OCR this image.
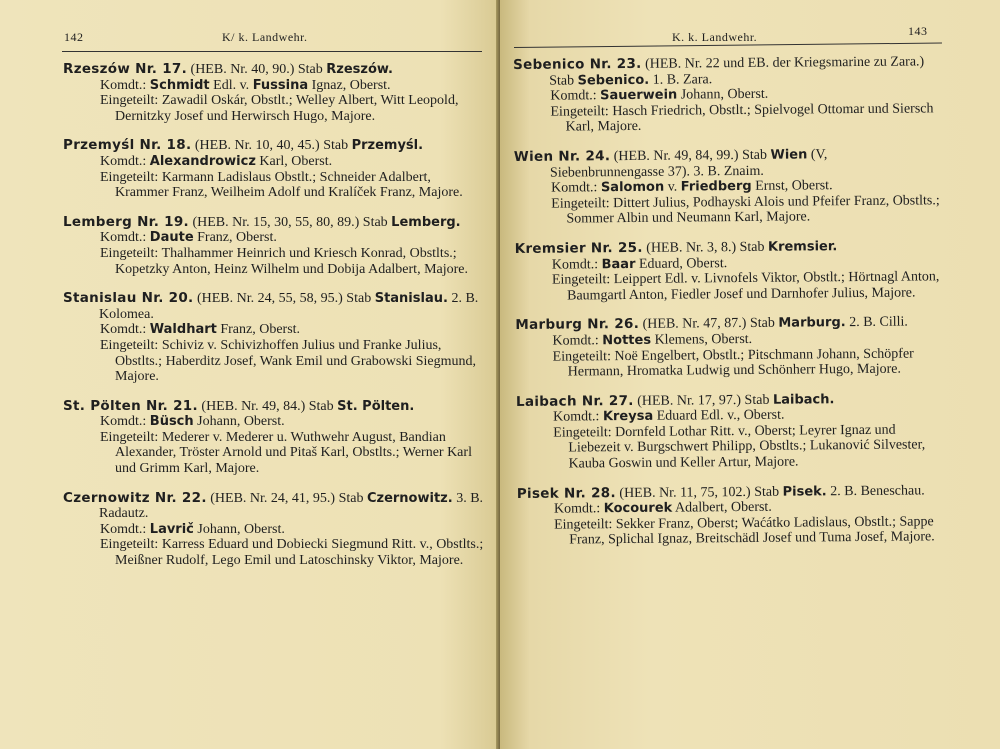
142	K/ k. Landwehr.
Rzeszów Nr. 17. (HEB. Nr. 40, 90.) Stab Rzeszów.
Komdt.: Schmidt Edl. v. Fussina Ignaz, Oberst.
Eingeteilt: Zawadil Oskár, Obstlt.; Welley Albert, Witt Leopold, Dernitzky Josef und Herwirsch Hugo, Majore.
Przemyśl Nr. 18. (HEB. Nr. 10, 40, 45.) Stab Przemyśl.
Komdt.: Alexandrowicz Karl, Oberst.
Eingeteilt: Karmann Ladislaus Obstlt.; Schneider Adalbert, Krammer Franz, Weilheim Adolf und Kralíček Franz, Majore.
Lemberg Nr. 19. (HEB. Nr. 15, 30, 55, 80, 89.) Stab Lemberg.
Komdt.: Daute Franz, Oberst.
Eingeteilt: Thalhammer Heinrich und Kriesch Konrad, Obstlts.; Kopetzky Anton, Heinz Wilhelm und Dobija Adalbert, Majore.
Stanislau Nr. 20. (HEB. Nr. 24, 55, 58, 95.) Stab Stanislau. 2. B. Kolomea.
Komdt.: Waldhart Franz, Oberst.
Eingeteilt: Schiviz v. Schivizhoffen Julius und Franke Julius, Obstlts.; Haberditz Josef, Wank Emil und Grabowski Siegmund, Majore.
St. Pölten Nr. 21. (HEB. Nr. 49, 84.) Stab St. Pölten.
Komdt.: Büsch Johann, Oberst.
Eingeteilt: Mederer v. Mederer u. Wuthwehr August, Bandian Alexander, Tröster Arnold und Pitaš Karl, Obstlts.; Werner Karl und Grimm Karl, Majore.
Czernowitz Nr. 22. (HEB. Nr. 24, 41, 95.) Stab Czernowitz. 3. B. Radautz.
Komdt.: Lavrič Johann, Oberst.
Eingeteilt: Karress Eduard und Dobiecki Siegmund Ritt. v., Obstlts.; Meißner Rudolf, Lego Emil und Latoschinsky Viktor, Majore.
K. k. Landwehr.	143
Sebenico Nr. 23. (HEB. Nr. 22 und EB. der Kriegsmarine zu Zara.) Stab Sebenico. 1. B. Zara.
Komdt.: Sauerwein Johann, Oberst.
Eingeteilt: Hasch Friedrich, Obstlt.; Spielvogel Ottomar und Siersch Karl, Majore.
Wien Nr. 24. (HEB. Nr. 49, 84, 99.) Stab Wien (V, Siebenbrunnengasse 37). 3. B. Znaim.
Komdt.: Salomon v. Friedberg Ernst, Oberst.
Eingeteilt: Dittert Julius, Podhayski Alois und Pfeifer Franz, Obstlts.; Sommer Albin und Neumann Karl, Majore.
Kremsier Nr. 25. (HEB. Nr. 3, 8.) Stab Kremsier.
Komdt.: Baar Eduard, Oberst.
Eingeteilt: Leippert Edl. v. Livnofels Viktor, Obstlt.; Hörtnagl Anton, Baumgartl Anton, Fiedler Josef und Darnhofer Julius, Majore.
Marburg Nr. 26. (HEB. Nr. 47, 87.) Stab Marburg. 2. B. Cilli.
Komdt.: Nottes Klemens, Oberst.
Eingeteilt: Noë Engelbert, Obstlt.; Pitschmann Johann, Schöpfer Hermann, Hromatka Ludwig und Schönherr Hugo, Majore.
Laibach Nr. 27. (HEB. Nr. 17, 97.) Stab Laibach.
Komdt.: Kreysa Eduard Edl. v., Oberst.
Eingeteilt: Dornfeld Lothar Ritt. v., Oberst; Leyrer Ignaz und Liebezeit v. Burgschwert Philipp, Obstlts.; Lukanović Silvester, Kauba Goswin und Keller Artur, Majore.
Pisek Nr. 28. (HEB. Nr. 11, 75, 102.) Stab Pisek. 2. B. Beneschau.
Komdt.: Kocourek Adalbert, Oberst.
Eingeteilt: Sekker Franz, Oberst; Waćátko Ladislaus, Obstlt.; Sappe Franz, Splichal Ignaz, Breitschädl Josef und Tuma Josef, Majore.
